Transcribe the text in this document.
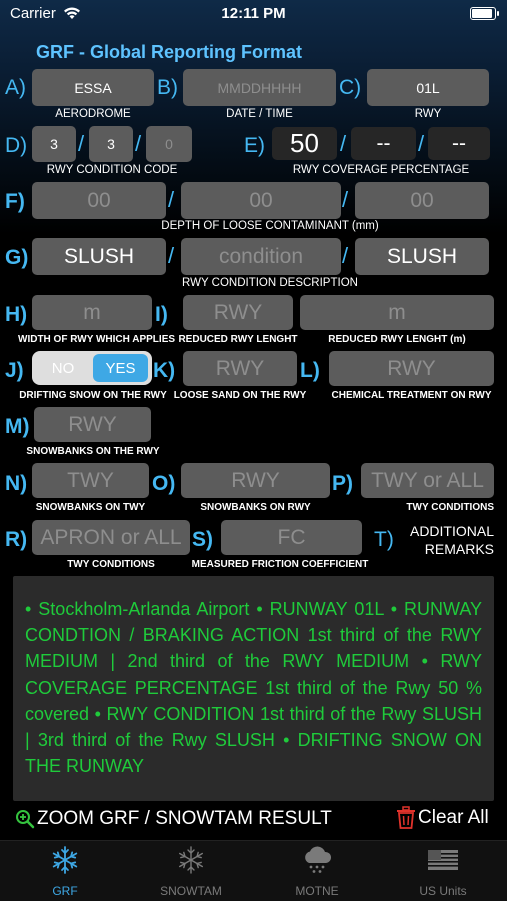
Carrier	12:11 PM
GRF - Global Reporting Format
A)	ESSA
AERODROME
B)	MMDDHHHH
DATE / TIME
C)	01L
RWY
D)	3 /	3 /	0
RWY CONDITION CODE
E) 50 /	--	/	--
RWY COVERAGE PERCENTAGE
F)	00	/	00	/	00
DEPTH OF LOOSE CONTAMINANT (mm)
G)	SLUSH	/	condition	/	SLUSH
RWY CONDITION DESCRIPTION
H)	m
WIDTH OF RWY WHICH APPLIES
I)	RWY
REDUCED RWY LENGHT
m
REDUCED RWY LENGHT (m)
J)	NO	YES
DRIFTING SNOW ON THE RWY
K)	RWY
LOOSE SAND ON THE RWY
L)	RWY
CHEMICAL TREATMENT ON RWY
M)	RWY
SNOWBANKS ON THE RWY
N)	TWY
SNOWBANKS ON TWY
O)	RWY
SNOWBANKS ON RWY
P) TWY or ALL
TWY CONDITIONS
R) APRON or ALL
TWY CONDITIONS
S)	FC
MEASURED FRICTION COEFFICIENT
T)	ADDITIONAL
REMARKS

• Stockholm-Arlanda Airport • RUNWAY 01L • RUNWAY CONDTION / BRAKING ACTION 1st third of the RWY MEDIUM | 2nd third of the RWY MEDIUM • RWY COVERAGE PERCENTAGE 1st third of the Rwy 50 % covered • RWY CONDITION 1st third of the Rwy SLUSH | 3rd third of the Rwy SLUSH • DRIFTING SNOW ON THE RUNWAY

ZOOM GRF / SNOWTAM RESULT	Clear All
GRF	SNOWTAM	MOTNE	US Units
